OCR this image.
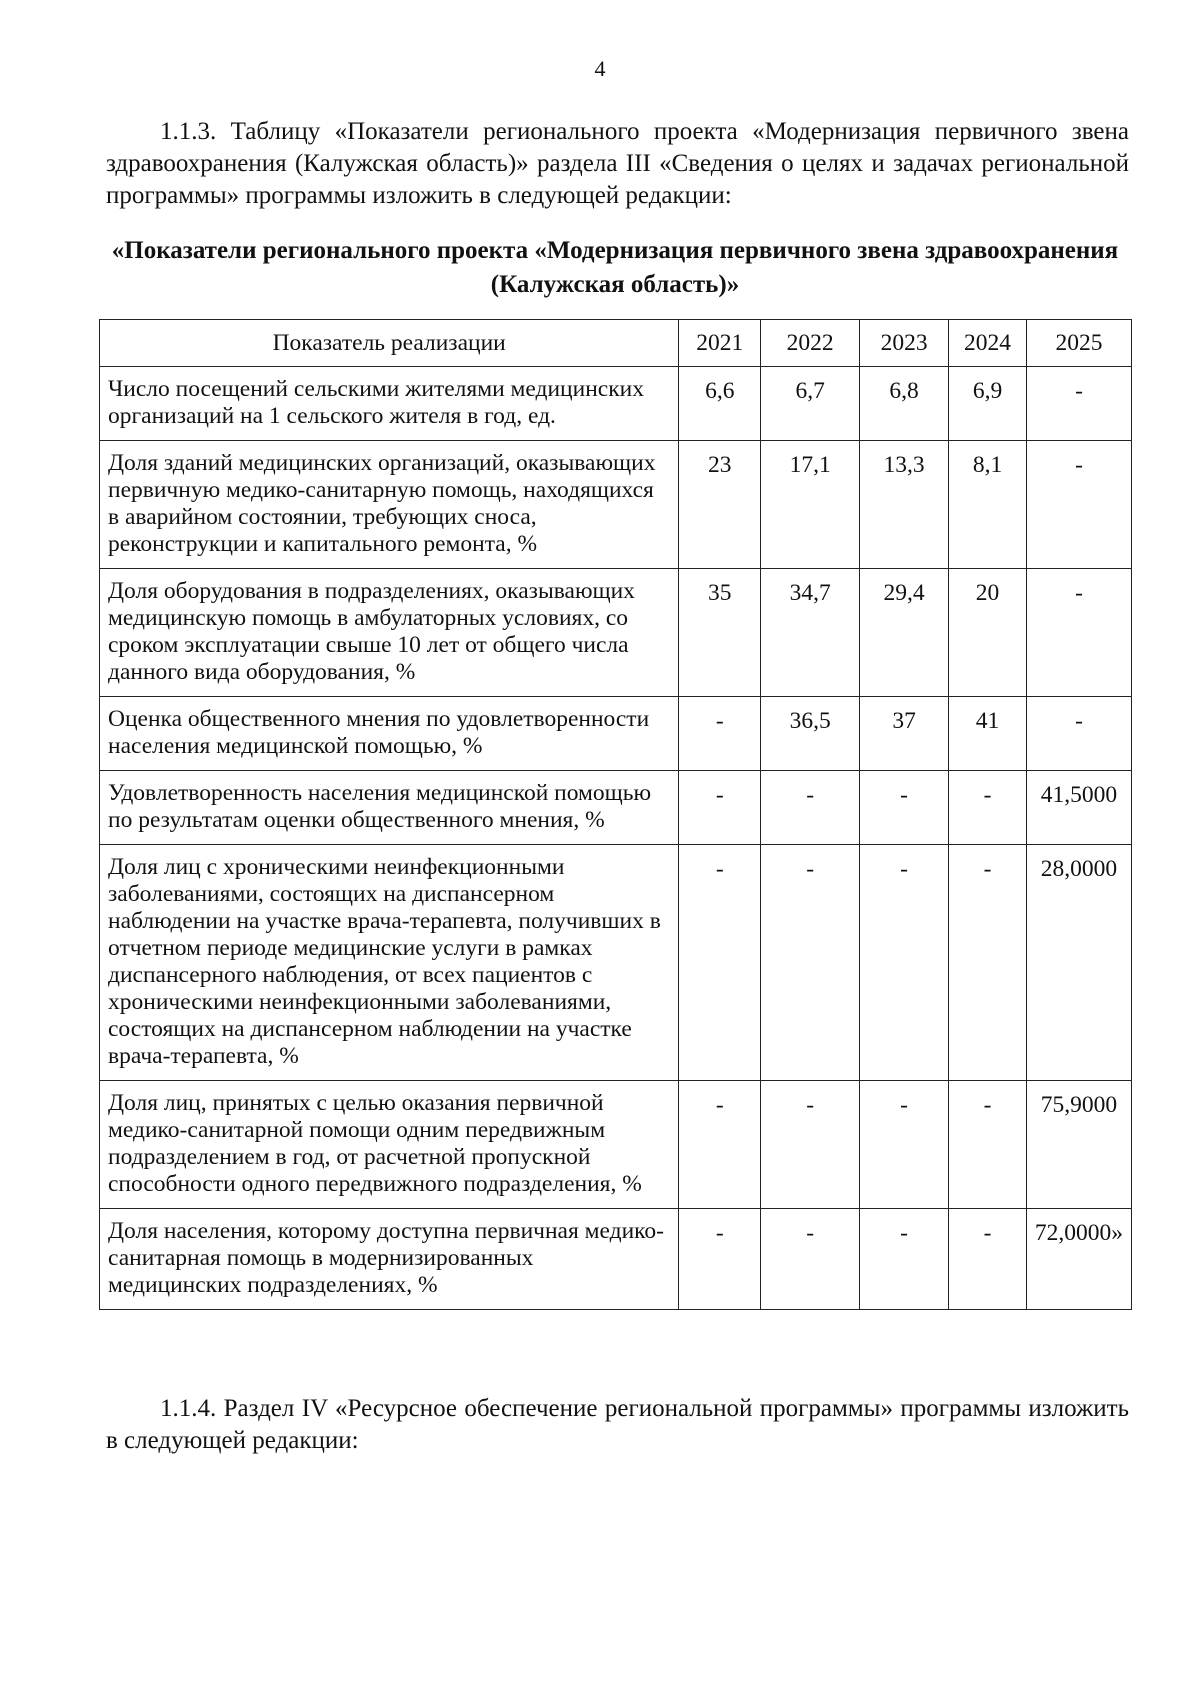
4
1.1.3. Таблицу «Показатели регионального проекта «Модернизация первичного звена здравоохранения (Калужская область)» раздела III «Сведения о целях и задачах региональной программы» программы изложить в следующей редакции:
«Показатели регионального проекта «Модернизация первичного звена здравоохранения (Калужская область)»
Показатель реализации	2021	2022	2023	2024	2025
Число посещений сельскими жителями медицинских организаций на 1 сельского жителя в год, ед.	6,6	6,7	6,8	6,9	-
Доля зданий медицинских организаций, оказывающих первичную медико-санитарную помощь, находящихся в аварийном состоянии, требующих сноса, реконструкции и капитального ремонта, %	23	17,1	13,3	8,1	-
Доля оборудования в подразделениях, оказывающих медицинскую помощь в амбулаторных условиях, со сроком эксплуатации свыше 10 лет от общего числа данного вида оборудования, %	35	34,7	29,4	20	-
Оценка общественного мнения по удовлетворенности населения медицинской помощью, %	-	36,5	37	41	-
Удовлетворенность населения медицинской помощью по результатам оценки общественного мнения, %	-	-	-	-	41,5000
Доля лиц с хроническими неинфекционными заболеваниями, состоящих на диспансерном наблюдении на участке врача-терапевта, получивших в отчетном периоде медицинские услуги в рамках диспансерного наблюдения, от всех пациентов с хроническими неинфекционными заболеваниями, состоящих на диспансерном наблюдении на участке врача-терапевта, %	-	-	-	-	28,0000
Доля лиц, принятых с целью оказания первичной медико-санитарной помощи одним передвижным подразделением в год, от расчетной пропускной способности одного передвижного подразделения, %	-	-	-	-	75,9000
Доля населения, которому доступна первичная медико-санитарная помощь в модернизированных медицинских подразделениях, %	-	-	-	-	72,0000»
1.1.4. Раздел IV «Ресурсное обеспечение региональной программы» программы изложить в следующей редакции:
